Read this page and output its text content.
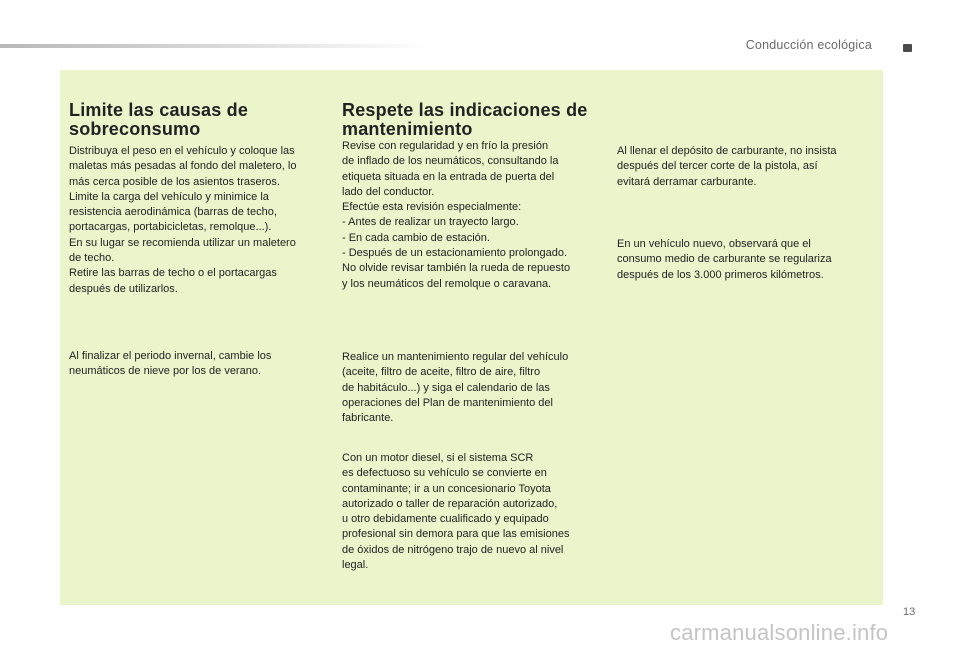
Conducción ecológica
Limite las causas de
sobreconsumo

Distribuya el peso en el vehículo y coloque las
maletas más pesadas al fondo del maletero, lo
más cerca posible de los asientos traseros.
Limite la carga del vehículo y minimice la
resistencia aerodinámica (barras de techo,
portacargas, portabicicletas, remolque...).
En su lugar se recomienda utilizar un maletero
de techo.
Retire las barras de techo o el portacargas
después de utilizarlos.

Al finalizar el periodo invernal, cambie los
neumáticos de nieve por los de verano.

Respete las indicaciones de
mantenimiento

Revise con regularidad y en frío la presión
de inflado de los neumáticos, consultando la
etiqueta situada en la entrada de puerta del
lado del conductor.
Efectúe esta revisión especialmente:
- Antes de realizar un trayecto largo.
- En cada cambio de estación.
- Después de un estacionamiento prolongado.
No olvide revisar también la rueda de repuesto
y los neumáticos del remolque o caravana.

Realice un mantenimiento regular del vehículo
(aceite, filtro de aceite, filtro de aire, filtro
de habitáculo...) y siga el calendario de las
operaciones del Plan de mantenimiento del
fabricante.

Con un motor diesel, si el sistema SCR
es defectuoso su vehículo se convierte en
contaminante; ir a un concesionario Toyota
autorizado o taller de reparación autorizado,
u otro debidamente cualificado y equipado
profesional sin demora para que las emisiones
de óxidos de nitrógeno trajo de nuevo al nivel
legal.

Al llenar el depósito de carburante, no insista
después del tercer corte de la pistola, así
evitará derramar carburante.

En un vehículo nuevo, observará que el
consumo medio de carburante se regulariza
después de los 3.000 primeros kilómetros.

13
carmanualsonline.info
